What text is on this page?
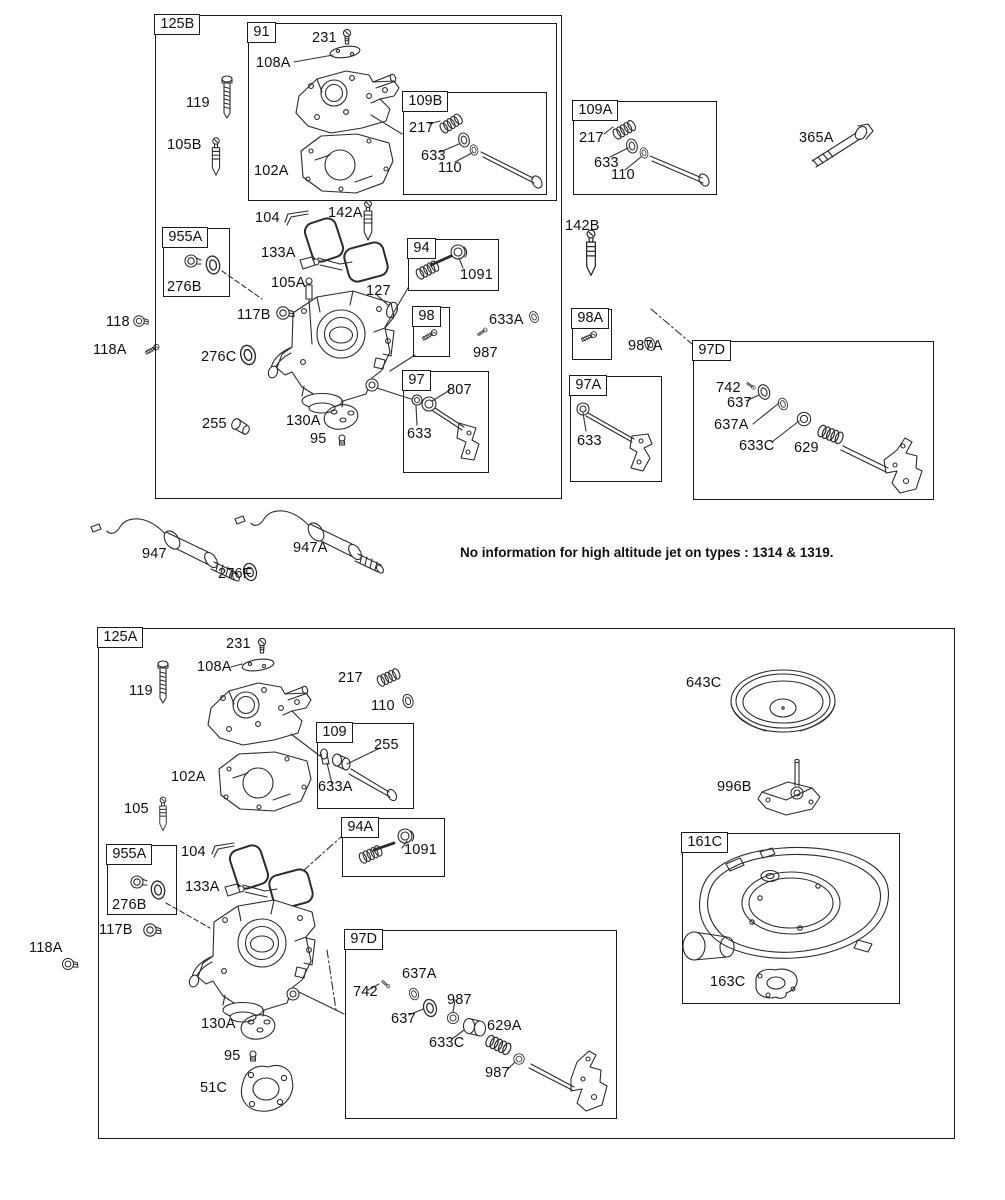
125B	91
109B
109A
955A
94
98
97
98A
97A
97D
125A
109
955A
94A
97D
161C
231
108A
119
105B
102A
217
633
110
104	142A
133A
105A
276B
117B
118
118A	276C
127
1091
255	130A
95
633A
987
807
633
217
633
110
365A
142B
987A
633
742
637
637A
633C 629
947	947A
276F
231
108A
119
217
110
102A
105
255
633A
104
133A
276B
117B
118A
1091
130A
95
51C
742
637A
987
637
633C
629A
987
643C
996B
163C
No information for high altitude jet on types : 1314 & 1319.
